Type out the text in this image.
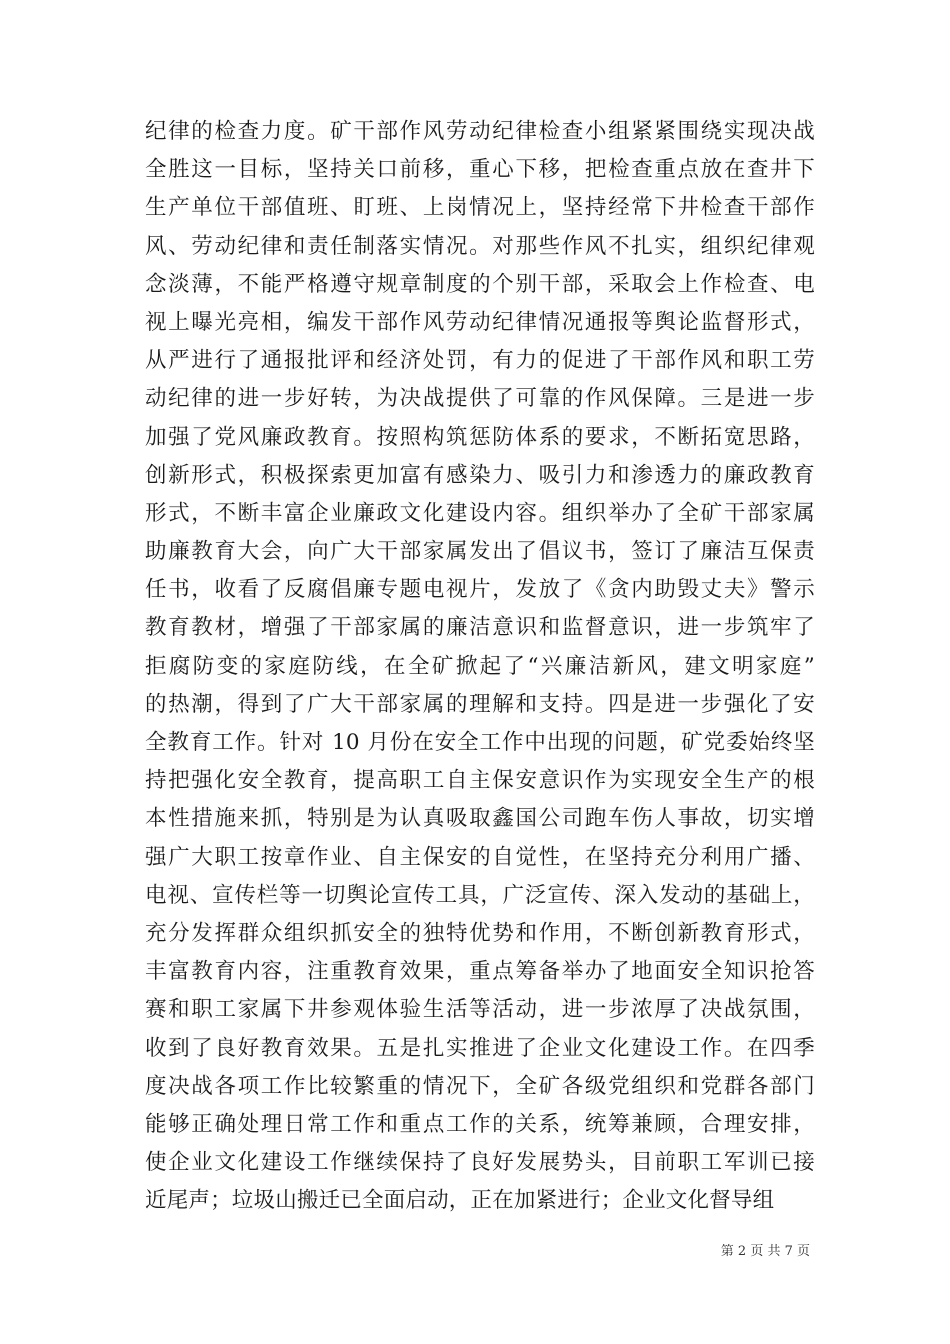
纪律的检查力度。矿干部作风劳动纪律检查小组紧紧围绕实现决战
全胜这一目标，坚持关口前移，重心下移，把检查重点放在查井下
生产单位干部值班、盯班、上岗情况上，坚持经常下井检查干部作
风、劳动纪律和责任制落实情况。对那些作风不扎实，组织纪律观
念淡薄，不能严格遵守规章制度的个别干部，采取会上作检查、电
视上曝光亮相，编发干部作风劳动纪律情况通报等舆论监督形式，
从严进行了通报批评和经济处罚，有力的促进了干部作风和职工劳
动纪律的进一步好转，为决战提供了可靠的作风保障。三是进一步
加强了党风廉政教育。按照构筑惩防体系的要求，不断拓宽思路，
创新形式，积极探索更加富有感染力、吸引力和渗透力的廉政教育
形式，不断丰富企业廉政文化建设内容。组织举办了全矿干部家属
助廉教育大会，向广大干部家属发出了倡议书，签订了廉洁互保责
任书，收看了反腐倡廉专题电视片，发放了《贪内助毁丈夫》警示
教育教材，增强了干部家属的廉洁意识和监督意识，进一步筑牢了
拒腐防变的家庭防线，在全矿掀起了“兴廉洁新风，建文明家庭”
的热潮，得到了广大干部家属的理解和支持。四是进一步强化了安
全教育工作。针对 10 月份在安全工作中出现的问题，矿党委始终坚
持把强化安全教育，提高职工自主保安意识作为实现安全生产的根
本性措施来抓，特别是为认真吸取鑫国公司跑车伤人事故，切实增
强广大职工按章作业、自主保安的自觉性，在坚持充分利用广播、
电视、宣传栏等一切舆论宣传工具，广泛宣传、深入发动的基础上，
充分发挥群众组织抓安全的独特优势和作用，不断创新教育形式，
丰富教育内容，注重教育效果，重点筹备举办了地面安全知识抢答
赛和职工家属下井参观体验生活等活动，进一步浓厚了决战氛围，
收到了良好教育效果。五是扎实推进了企业文化建设工作。在四季
度决战各项工作比较繁重的情况下，全矿各级党组织和党群各部门
能够正确处理日常工作和重点工作的关系，统筹兼顾，合理安排，
使企业文化建设工作继续保持了良好发展势头，目前职工军训已接
近尾声；垃圾山搬迁已全面启动，正在加紧进行；企业文化督导组
第 2 页 共 7 页
